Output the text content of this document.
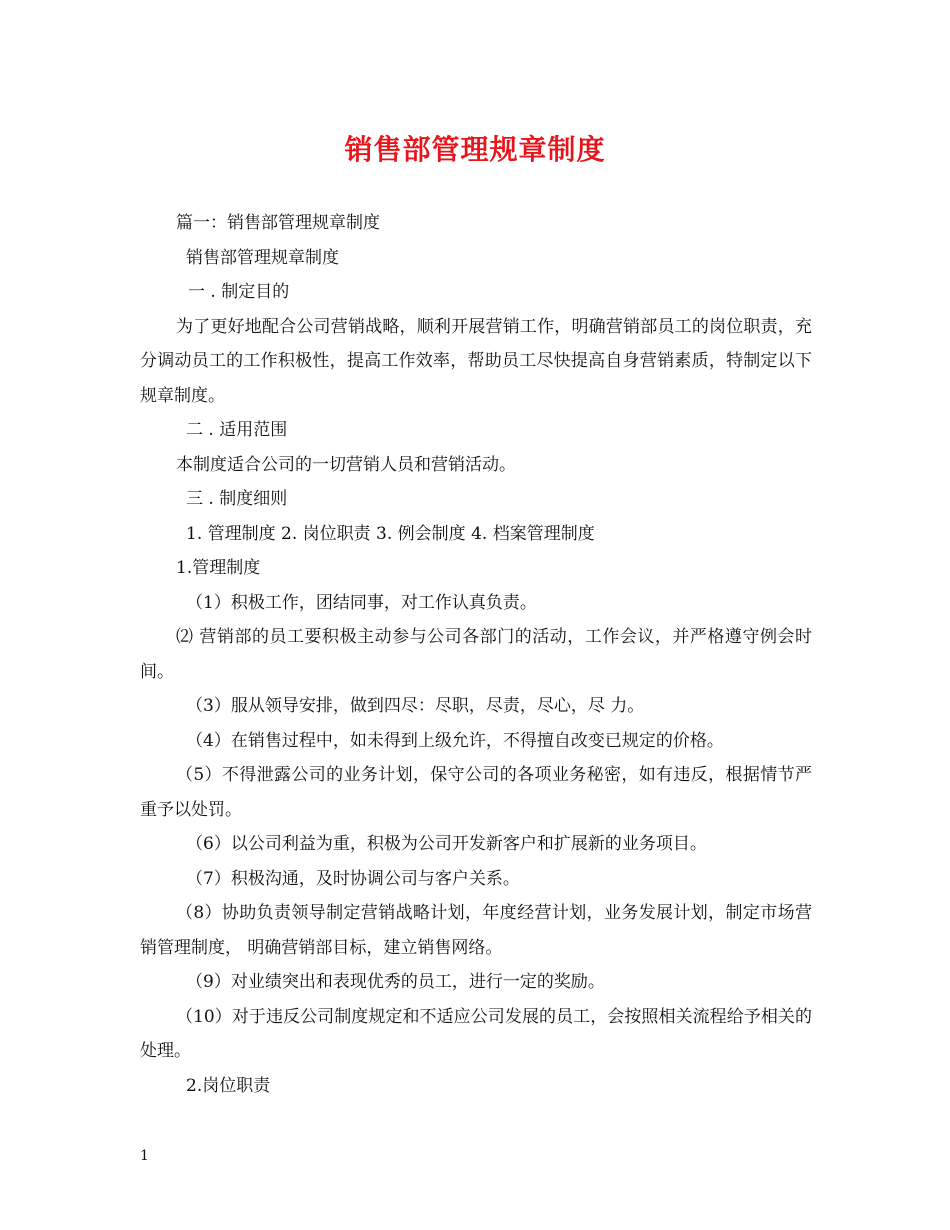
销售部管理规章制度

篇一：销售部管理规章制度

销售部管理规章制度

一 . 制定目的

为了更好地配合公司营销战略，顺利开展营销工作，明确营销部员工的岗位职责，充分调动员工的工作积极性，提高工作效率，帮助员工尽快提高自身营销素质，特制定以下规章制度。

二 . 适用范围

本制度适合公司的一切营销人员和营销活动。

三 . 制度细则

1. 管理制度 2. 岗位职责 3. 例会制度 4. 档案管理制度

1.管理制度

（1）积极工作，团结同事，对工作认真负责。

⑵ 营销部的员工要积极主动参与公司各部门的活动，工作会议，并严格遵守例会时间。

（3）服从领导安排，做到四尽：尽职，尽责，尽心，尽 力。

（4）在销售过程中，如未得到上级允许，不得擅自改变已规定的价格。

（5）不得泄露公司的业务计划，保守公司的各项业务秘密，如有违反，根据情节严重予以处罚。

（6）以公司利益为重，积极为公司开发新客户和扩展新的业务项目。

（7）积极沟通，及时协调公司与客户关系。

（8）协助负责领导制定营销战略计划，年度经营计划，业务发展计划，制定市场营销管理制度， 明确营销部目标，建立销售网络。

（9）对业绩突出和表现优秀的员工，进行一定的奖励。

（10）对于违反公司制度规定和不适应公司发展的员工，会按照相关流程给予相关的处理。

2.岗位职责

1
